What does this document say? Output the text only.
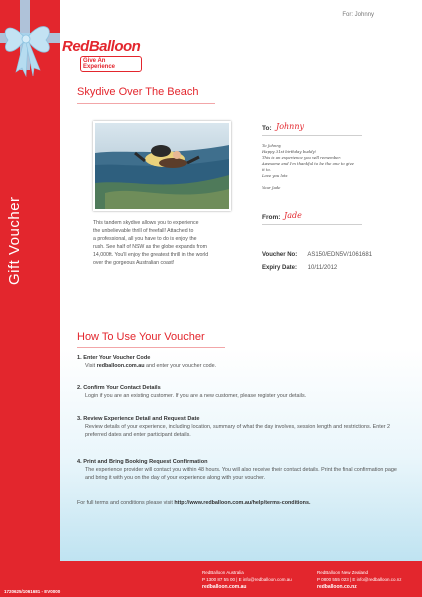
For: Johnny
RedBalloon
Give An Experience
Gift Voucher
Skydive Over The Beach
This tandem skydive allows you to experience
the unbelievable thrill of freefall! Attached to
a professional, all you have to do is enjoy the
rush. See half of NSW as the globe expands from
14,000ft. You'll enjoy the greatest thrill in the world
over the gorgeous Australian coast!
To: Johnny
To Johnny
Happy 31st birthday buddy!
This is an experience you will remember.
Awesome and I'm thankful to be the one to give
it to.
Love you lots

Your Jade
From: Jade
Voucher No: AS150/EDN5V/1061681
Expiry Date: 10/11/2012
How To Use Your Voucher
1. Enter Your Voucher Code
Visit redballoon.com.au and enter your voucher code.
2. Confirm Your Contact Details
Login if you are an existing customer. If you are a new customer, please register your details.
3. Review Experience Detail and Request Date
Review details of your experience, including location, summary of what the day involves, session length and restrictions. Enter 2 preferred dates and enter participant details.
4. Print and Bring Booking Request Confirmation
The experience provider will contact you within 48 hours. You will also receive their contact details. Print the final confirmation page and bring it with you on the day of your experience along with your voucher.
For full terms and conditions please visit http://www.redballoon.com.au/help/terms-conditions.
1720625/1061681 - EV0000
RedBalloon Australia
P 1300 87 55 00 | E info@redballoon.com.au
redballoon.com.au
RedBalloon New Zealand
P 0800 555 023 | E info@redballoon.co.nz
redballoon.co.nz
